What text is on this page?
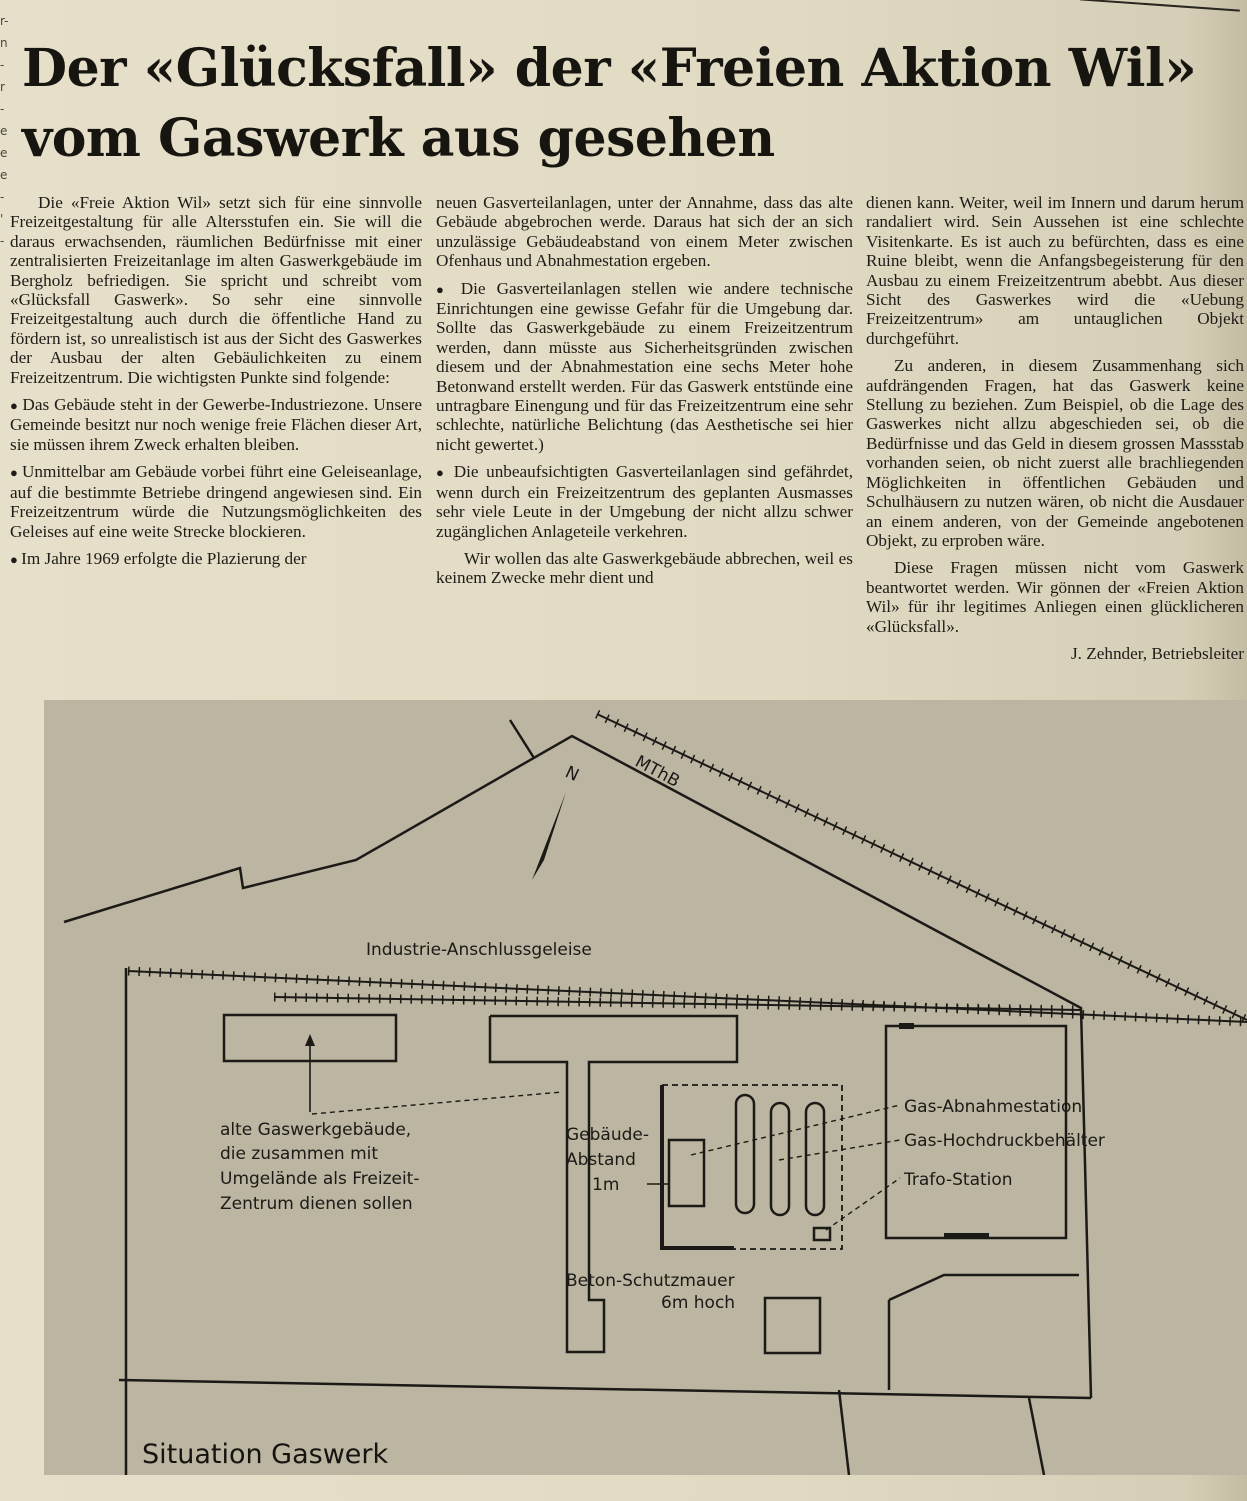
r-
n
-
r
-
e
e
e
-
'
-
Der «Glücksfall» der «Freien Aktion Wil»
vom Gaswerk aus gesehen

Die «Freie Aktion Wil» setzt sich für eine sinnvolle Freizeitgestaltung für alle Altersstufen ein. Sie will die daraus erwachsenden, räumlichen Bedürfnisse mit einer zentralisierten Freizeitanlage im alten Gaswerkgebäude im Bergholz befriedigen. Sie spricht und schreibt vom «Glücksfall Gaswerk». So sehr eine sinnvolle Freizeitgestaltung auch durch die öffentliche Hand zu fördern ist, so unrealistisch ist aus der Sicht des Gaswerkes der Ausbau der alten Gebäulichkeiten zu einem Freizeitzentrum. Die wichtigsten Punkte sind folgende:

● Das Gebäude steht in der Gewerbe-Industriezone. Unsere Gemeinde besitzt nur noch wenige freie Flächen dieser Art, sie müssen ihrem Zweck erhalten bleiben.

● Unmittelbar am Gebäude vorbei führt eine Geleiseanlage, auf die bestimmte Betriebe dringend angewiesen sind. Ein Freizeitzentrum würde die Nutzungsmöglichkeiten des Geleises auf eine weite Strecke blockieren.

● Im Jahre 1969 erfolgte die Plazierung der

neuen Gasverteilanlagen, unter der Annahme, dass das alte Gebäude abgebrochen werde. Daraus hat sich der an sich unzulässige Gebäudeabstand von einem Meter zwischen Ofenhaus und Abnahmestation ergeben.

● Die Gasverteilanlagen stellen wie andere technische Einrichtungen eine gewisse Gefahr für die Umgebung dar. Sollte das Gaswerkgebäude zu einem Freizeitzentrum werden, dann müsste aus Sicherheitsgründen zwischen diesem und der Abnahmestation eine sechs Meter hohe Betonwand erstellt werden. Für das Gaswerk entstünde eine untragbare Einengung und für das Freizeitzentrum eine sehr schlechte, natürliche Belichtung (das Aesthetische sei hier nicht gewertet.)

● Die unbeaufsichtigten Gasverteilanlagen sind gefährdet, wenn durch ein Freizeitzentrum des geplanten Ausmasses sehr viele Leute in der Umgebung der nicht allzu schwer zugänglichen Anlageteile verkehren.

Wir wollen das alte Gaswerkgebäude abbrechen, weil es keinem Zwecke mehr dient und

dienen kann. Weiter, weil im Innern und darum herum randaliert wird. Sein Aussehen ist eine schlechte Visitenkarte. Es ist auch zu befürchten, dass es eine Ruine bleibt, wenn die Anfangsbegeisterung für den Ausbau zu einem Freizeitzentrum abebbt. Aus dieser Sicht des Gaswerkes wird die «Uebung Freizeitzentrum» am untauglichen Objekt durchgeführt.

Zu anderen, in diesem Zusammenhang sich aufdrängenden Fragen, hat das Gaswerk keine Stellung zu beziehen. Zum Beispiel, ob die Lage des Gaswerkes nicht allzu abgeschieden sei, ob die Bedürfnisse und das Geld in diesem grossen Massstab vorhanden seien, ob nicht zuerst alle brachliegenden Möglichkeiten in öffentlichen Gebäuden und Schulhäusern zu nutzen wären, ob nicht die Ausdauer an einem anderen, von der Gemeinde angebotenen Objekt, zu erproben wäre.

Diese Fragen müssen nicht vom Gaswerk beantwortet werden. Wir gönnen der «Freien Aktion Wil» für ihr legitimes Anliegen einen glücklicheren «Glücksfall».

J. Zehnder, Betriebsleiter

N	MThB
Industrie-Anschlussgeleise
alte Gaswerkgebäude,
die zusammen mit
Umgelände als Freizeit-
Zentrum dienen sollen
Gebäude-
Abstand
1m
Beton-Schutzmauer
6m hoch
Gas-Abnahmestation
Gas-Hochdruckbehälter
Trafo-Station
Situation Gaswerk
